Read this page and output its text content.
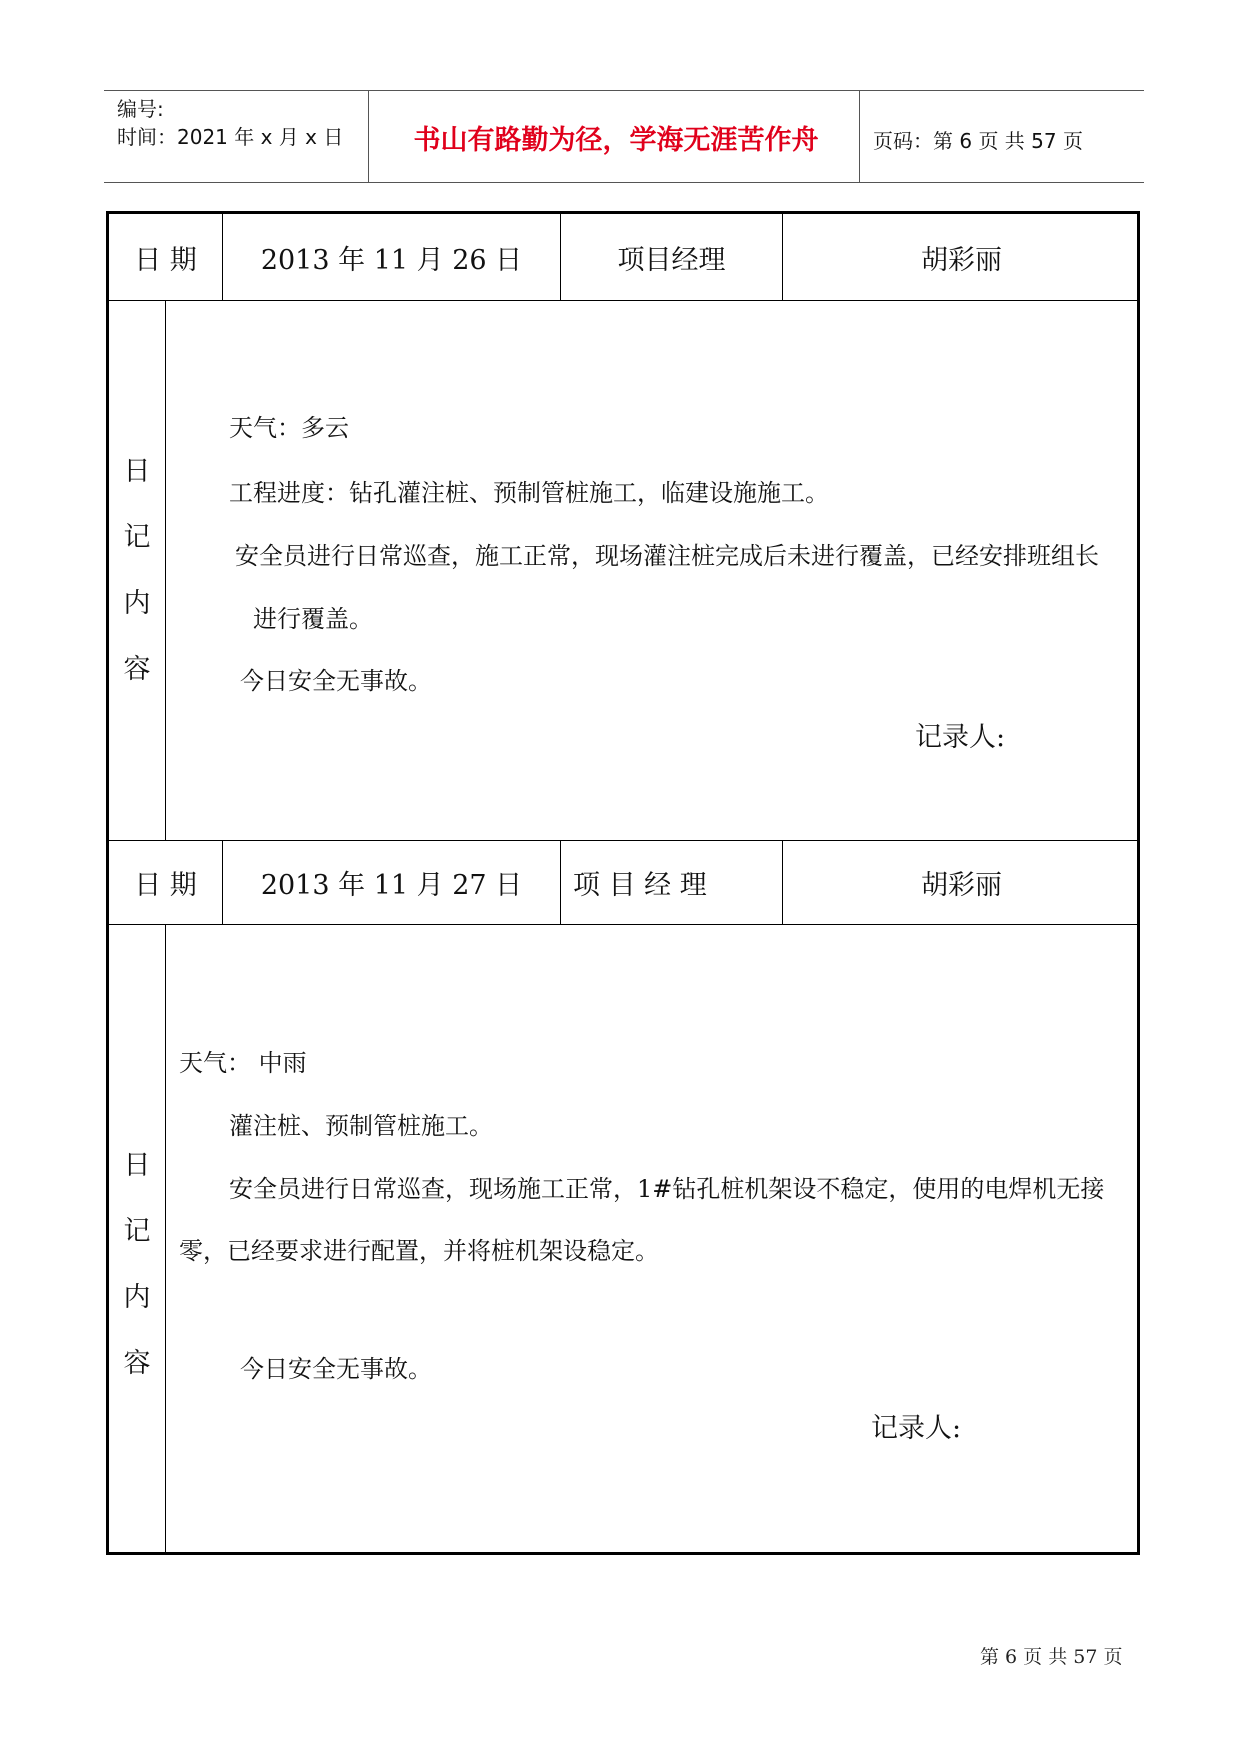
编号:
时间：2021 年 x 月 x 日	书山有路勤为径，学海无涯苦作舟	页码：第 6 页 共 57 页
日 期	2013 年 11 月 26 日	项目经理	胡彩丽
日
记
内
容
天气：多云
工程进度：钻孔灌注桩、预制管桩施工，临建设施施工。
安全员进行日常巡查，施工正常，现场灌注桩完成后未进行覆盖，已经安排班组长
进行覆盖。
今日安全无事故。
记录人:
日 期	2013 年 11 月 27 日	项 目 经 理	胡彩丽
日
记
内
容
天气： 中雨
灌注桩、预制管桩施工。
安全员进行日常巡查，现场施工正常，1#钻孔桩机架设不稳定，使用的电焊机无接
零，已经要求进行配置，并将桩机架设稳定。
今日安全无事故。
记录人:
第 6 页 共 57 页
